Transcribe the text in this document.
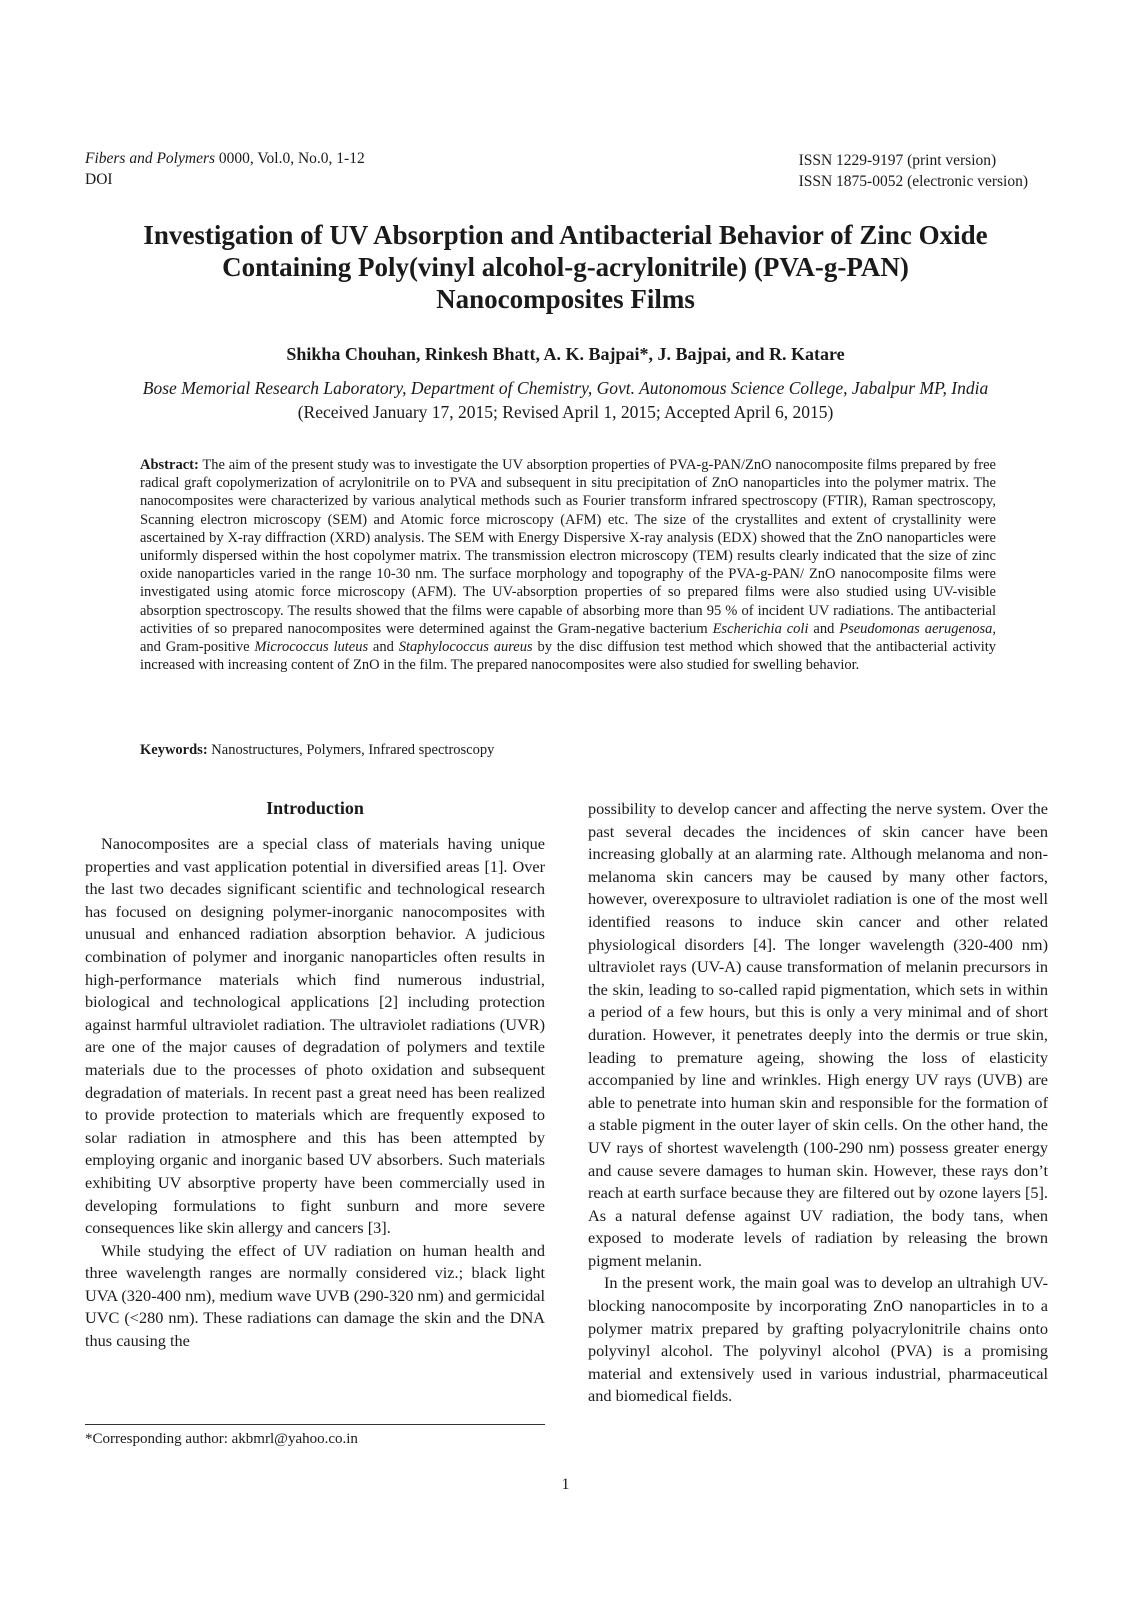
Fibers and Polymers 0000, Vol.0, No.0, 1-12
DOI
ISSN 1229-9197 (print version)
ISSN 1875-0052 (electronic version)
Investigation of UV Absorption and Antibacterial Behavior of Zinc Oxide
Containing Poly(vinyl alcohol-g-acrylonitrile) (PVA-g-PAN)
Nanocomposites Films
Shikha Chouhan, Rinkesh Bhatt, A. K. Bajpai*, J. Bajpai, and R. Katare
Bose Memorial Research Laboratory, Department of Chemistry, Govt. Autonomous Science College, Jabalpur MP, India
(Received January 17, 2015; Revised April 1, 2015; Accepted April 6, 2015)
Abstract: The aim of the present study was to investigate the UV absorption properties of PVA-g-PAN/ZnO nanocomposite films prepared by free radical graft copolymerization of acrylonitrile on to PVA and subsequent in situ precipitation of ZnO nanoparticles into the polymer matrix. The nanocomposites were characterized by various analytical methods such as Fourier transform infrared spectroscopy (FTIR), Raman spectroscopy, Scanning electron microscopy (SEM) and Atomic force microscopy (AFM) etc. The size of the crystallites and extent of crystallinity were ascertained by X-ray diffraction (XRD) analysis. The SEM with Energy Dispersive X-ray analysis (EDX) showed that the ZnO nanoparticles were uniformly dispersed within the host copolymer matrix. The transmission electron microscopy (TEM) results clearly indicated that the size of zinc oxide nanoparticles varied in the range 10-30 nm. The surface morphology and topography of the PVA-g-PAN/ ZnO nanocomposite films were investigated using atomic force microscopy (AFM). The UV-absorption properties of so prepared films were also studied using UV-visible absorption spectroscopy. The results showed that the films were capable of absorbing more than 95 % of incident UV radiations. The antibacterial activities of so prepared nanocomposites were determined against the Gram-negative bacterium Escherichia coli and Pseudomonas aerugenosa, and Gram-positive Micrococcus luteus and Staphylococcus aureus by the disc diffusion test method which showed that the antibacterial activity increased with increasing content of ZnO in the film. The prepared nanocomposites were also studied for swelling behavior.
Keywords: Nanostructures, Polymers, Infrared spectroscopy
Introduction

Nanocomposites are a special class of materials having unique properties and vast application potential in diversified areas [1]. Over the last two decades significant scientific and technological research has focused on designing polymer-inorganic nanocomposites with unusual and enhanced radiation absorption behavior. A judicious combination of polymer and inorganic nanoparticles often results in high-performance materials which find numerous industrial, biological and technological applications [2] including protection against harmful ultraviolet radiation. The ultraviolet radiations (UVR) are one of the major causes of degradation of polymers and textile materials due to the processes of photo oxidation and subsequent degradation of materials. In recent past a great need has been realized to provide protection to materials which are frequently exposed to solar radiation in atmosphere and this has been attempted by employing organic and inorganic based UV absorbers. Such materials exhibiting UV absorptive property have been commercially used in developing formulations to fight sunburn and more severe consequences like skin allergy and cancers [3].

While studying the effect of UV radiation on human health and three wavelength ranges are normally considered viz.; black light UVA (320-400 nm), medium wave UVB (290-320 nm) and germicidal UVC (<280 nm). These radiations can damage the skin and the DNA thus causing the

possibility to develop cancer and affecting the nerve system. Over the past several decades the incidences of skin cancer have been increasing globally at an alarming rate. Although melanoma and non-melanoma skin cancers may be caused by many other factors, however, overexposure to ultraviolet radiation is one of the most well identified reasons to induce skin cancer and other related physiological disorders [4]. The longer wavelength (320-400 nm) ultraviolet rays (UV-A) cause transformation of melanin precursors in the skin, leading to so-called rapid pigmentation, which sets in within a period of a few hours, but this is only a very minimal and of short duration. However, it penetrates deeply into the dermis or true skin, leading to premature ageing, showing the loss of elasticity accompanied by line and wrinkles. High energy UV rays (UVB) are able to penetrate into human skin and responsible for the formation of a stable pigment in the outer layer of skin cells. On the other hand, the UV rays of shortest wavelength (100-290 nm) possess greater energy and cause severe damages to human skin. However, these rays don’t reach at earth surface because they are filtered out by ozone layers [5]. As a natural defense against UV radiation, the body tans, when exposed to moderate levels of radiation by releasing the brown pigment melanin.

In the present work, the main goal was to develop an ultrahigh UV-blocking nanocomposite by incorporating ZnO nanoparticles in to a polymer matrix prepared by grafting polyacrylonitrile chains onto polyvinyl alcohol. The polyvinyl alcohol (PVA) is a promising material and extensively used in various industrial, pharmaceutical and biomedical fields.

*Corresponding author: akbmrl@yahoo.co.in
1
